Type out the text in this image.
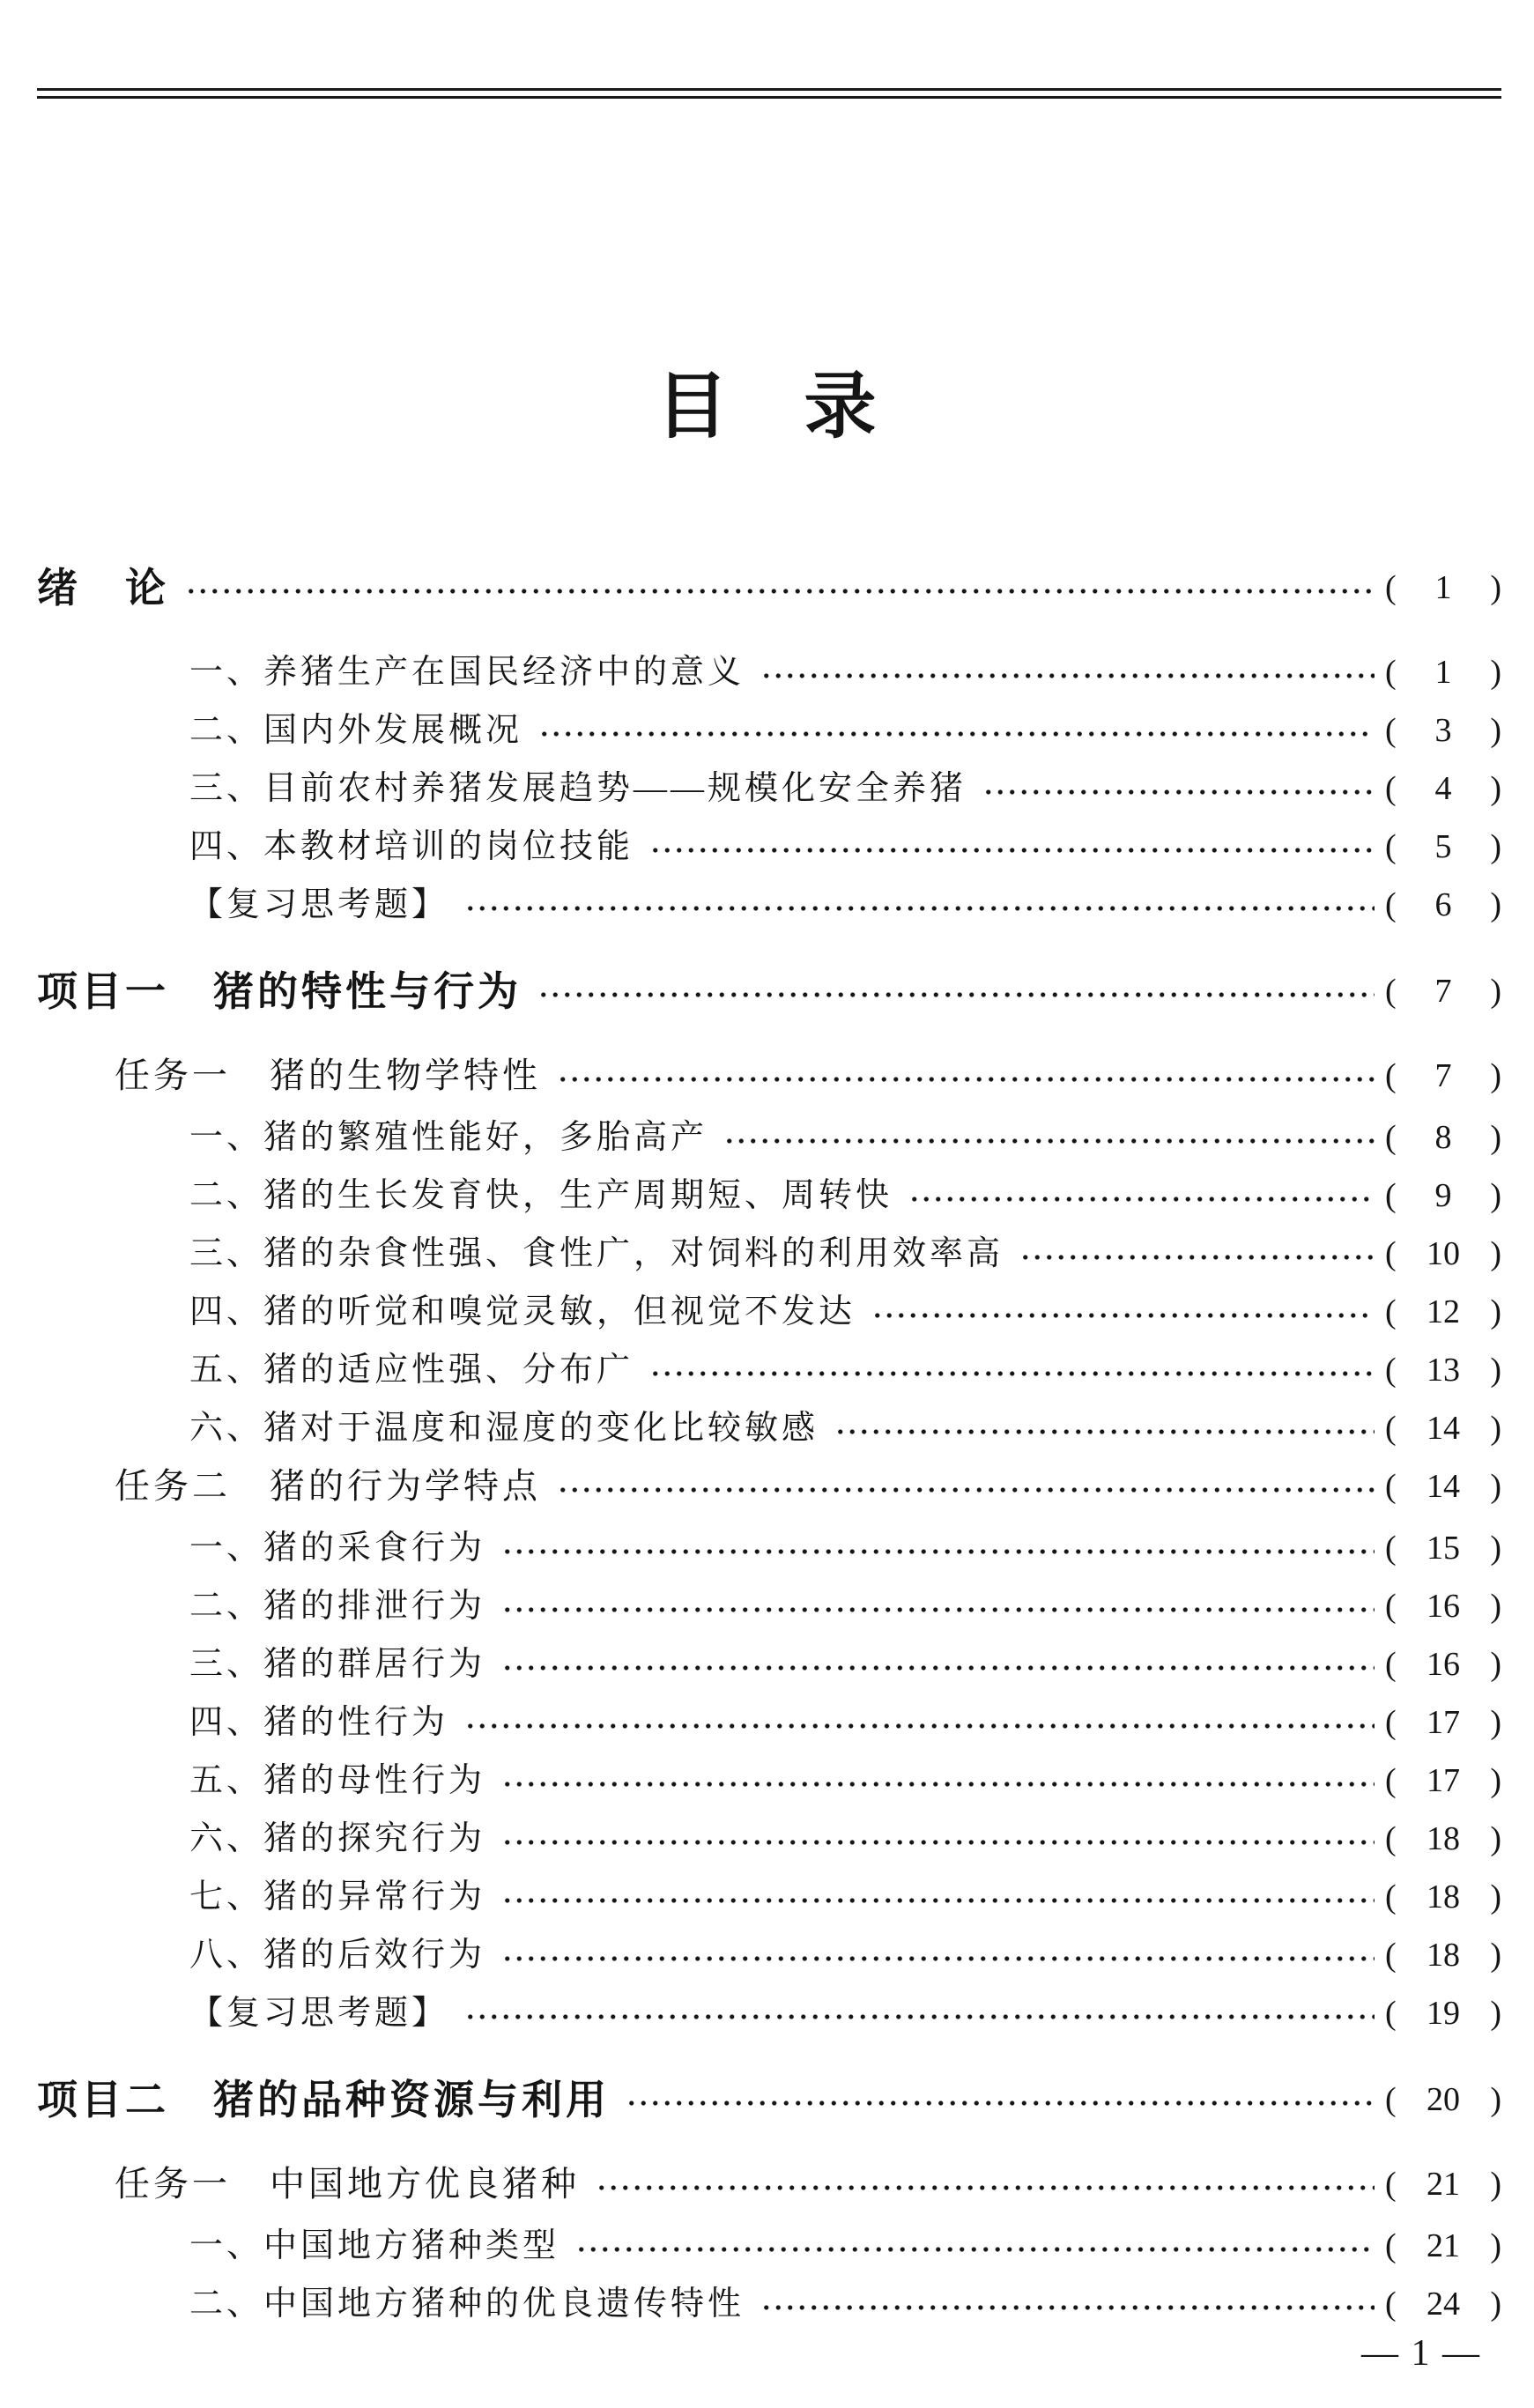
目　录
绪　论	( 1 )
一、养猪生产在国民经济中的意义	( 1 )
二、国内外发展概况	( 3 )
三、目前农村养猪发展趋势——规模化安全养猪	( 4 )
四、本教材培训的岗位技能	( 5 )
【复习思考题】	( 6 )
项目一　猪的特性与行为	( 7 )
任务一　猪的生物学特性	( 7 )
一、猪的繁殖性能好，多胎高产	( 8 )
二、猪的生长发育快，生产周期短、周转快	( 9 )
三、猪的杂食性强、食性广，对饲料的利用效率高	( 10 )
四、猪的听觉和嗅觉灵敏，但视觉不发达	( 12 )
五、猪的适应性强、分布广	( 13 )
六、猪对于温度和湿度的变化比较敏感	( 14 )
任务二　猪的行为学特点	( 14 )
一、猪的采食行为	( 15 )
二、猪的排泄行为	( 16 )
三、猪的群居行为	( 16 )
四、猪的性行为	( 17 )
五、猪的母性行为	( 17 )
六、猪的探究行为	( 18 )
七、猪的异常行为	( 18 )
八、猪的后效行为	( 18 )
【复习思考题】	( 19 )
项目二　猪的品种资源与利用	( 20 )
任务一　中国地方优良猪种	( 21 )
一、中国地方猪种类型	( 21 )
二、中国地方猪种的优良遗传特性	( 24 )
— 1 —
